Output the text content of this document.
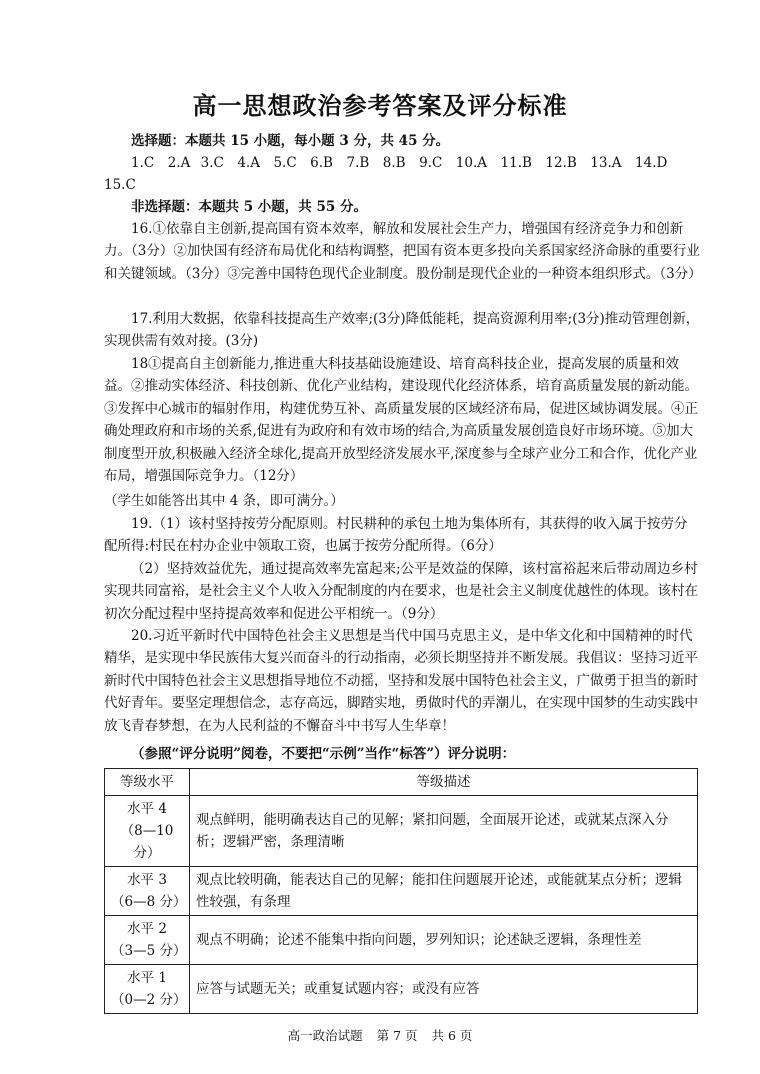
高一思想政治参考答案及评分标准
选择题：本题共 15 小题，每小题 3 分，共 45 分。
1.C　2.A 3.C　4.A　5.C　6.B　7.B　8.B　9.C　10.A　11.B　12.B　13.A　14.D　15.C
非选择题：本题共 5 小题，共 55 分。
16.①依靠自主创新,提高国有资本效率，解放和发展社会生产力，增强国有经济竞争力和创新力。（3分）②加快国有经济布局优化和结构调整，把国有资本更多投向关系国家经济命脉的重要行业和关键领域。（3分）③完善中国特色现代企业制度。股份制是现代企业的一种资本组织形式。（3分）
17.利用大数据，依靠科技提高生产效率;(3分)降低能耗，提高资源利用率;(3分)推动管理创新，实现供需有效对接。(3分)
18①提高自主创新能力,推进重大科技基础设施建设、培育高科技企业，提高发展的质量和效益。②推动实体经济、科技创新、优化产业结构，建设现代化经济体系，培育高质量发展的新动能。③发挥中心城市的辐射作用，构建优势互补、高质量发展的区域经济布局，促进区域协调发展。④正确处理政府和市场的关系,促进有为政府和有效市场的结合,为高质量发展创造良好市场环境。⑤加大制度型开放,积极融入经济全球化,提高开放型经济发展水平,深度参与全球产业分工和合作，优化产业布局，增强国际竞争力。（12分）
（学生如能答出其中 4 条，即可满分。）
19.（1）该村坚持按劳分配原则。村民耕种的承包土地为集体所有，其获得的收入属于按劳分配所得:村民在村办企业中领取工资，也属于按劳分配所得。（6分）
（2）坚持效益优先，通过提高效率先富起来;公平是效益的保障，该村富裕起来后带动周边乡村实现共同富裕，是社会主义个人收入分配制度的内在要求，也是社会主义制度优越性的体现。该村在初次分配过程中坚持提高效率和促进公平相统一。（9分）
20.习近平新时代中国特色社会主义思想是当代中国马克思主义，是中华文化和中国精神的时代精华，是实现中华民族伟大复兴而奋斗的行动指南，必须长期坚持并不断发展。我倡议：坚持习近平新时代中国特色社会主义思想指导地位不动摇，坚持和发展中国特色社会主义，广做勇于担当的新时代好青年。要坚定理想信念，志存高远，脚踏实地，勇做时代的弄潮儿，在实现中国梦的生动实践中放飞青春梦想，在为人民利益的不懈奋斗中书写人生华章！
（参照“评分说明”阅卷，不要把“示例”当作“标答”）评分说明：
等级水平	等级描述

水平 4
（8—10 分）	观点鲜明，能明确表达自己的见解；紧扣问题，全面展开论述，或就某点深入分析；逻辑严密，条理清晰

水平 3
（6—8 分）	观点比较明确，能表达自己的见解；能扣住问题展开论述，或能就某点分析；逻辑性较强，有条理

水平 2
（3—5 分）	观点不明确；论述不能集中指向问题，罗列知识；论述缺乏逻辑，条理性差

水平 1
（0—2 分）	应答与试题无关；或重复试题内容；或没有应答
高一政治试题 第 7 页 共 6 页
